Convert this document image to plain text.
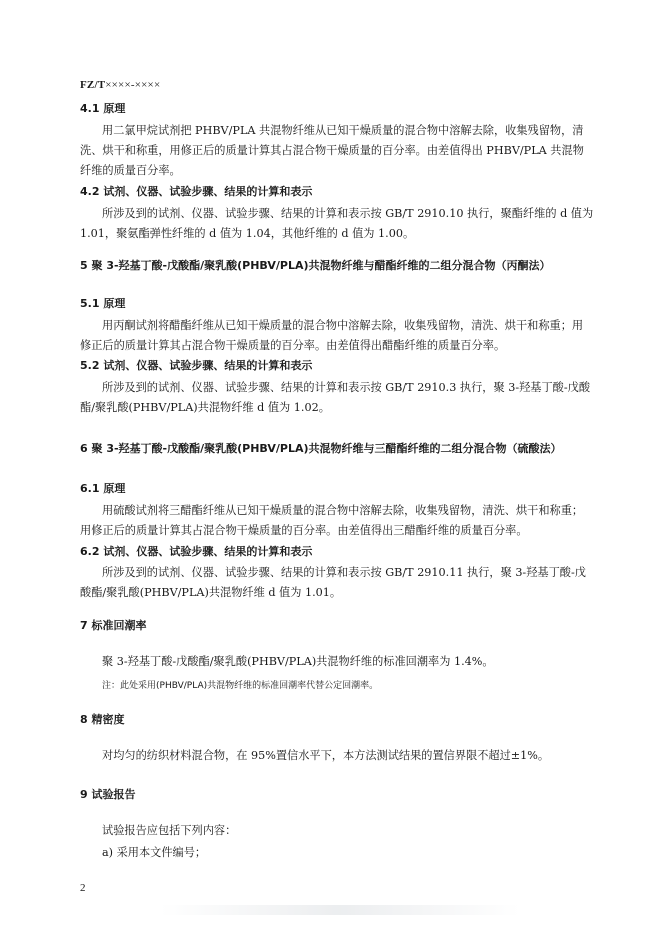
FZ/T××××-××××
4.1 原理
用二氯甲烷试剂把 PHBV/PLA 共混物纤维从已知干燥质量的混合物中溶解去除，收集残留物，清
洗、烘干和称重，用修正后的质量计算其占混合物干燥质量的百分率。由差值得出 PHBV/PLA 共混物
纤维的质量百分率。
4.2 试剂、仪器、试验步骤、结果的计算和表示
所涉及到的试剂、仪器、试验步骤、结果的计算和表示按 GB/T 2910.10 执行，聚酯纤维的 d 值为
1.01，聚氨酯弹性纤维的 d 值为 1.04，其他纤维的 d 值为 1.00。
5 聚 3-羟基丁酸-戊酸酯/聚乳酸(PHBV/PLA)共混物纤维与醋酯纤维的二组分混合物（丙酮法）
5.1 原理
用丙酮试剂将醋酯纤维从已知干燥质量的混合物中溶解去除，收集残留物，清洗、烘干和称重；用
修正后的质量计算其占混合物干燥质量的百分率。由差值得出醋酯纤维的质量百分率。
5.2 试剂、仪器、试验步骤、结果的计算和表示
所涉及到的试剂、仪器、试验步骤、结果的计算和表示按 GB/T 2910.3 执行，聚 3-羟基丁酸-戊酸
酯/聚乳酸(PHBV/PLA)共混物纤维 d 值为 1.02。
6 聚 3-羟基丁酸-戊酸酯/聚乳酸(PHBV/PLA)共混物纤维与三醋酯纤维的二组分混合物（硫酸法）
6.1 原理
用硫酸试剂将三醋酯纤维从已知干燥质量的混合物中溶解去除，收集残留物，清洗、烘干和称重；
用修正后的质量计算其占混合物干燥质量的百分率。由差值得出三醋酯纤维的质量百分率。
6.2 试剂、仪器、试验步骤、结果的计算和表示
所涉及到的试剂、仪器、试验步骤、结果的计算和表示按 GB/T 2910.11 执行，聚 3-羟基丁酸-戊
酸酯/聚乳酸(PHBV/PLA)共混物纤维 d 值为 1.01。
7 标准回潮率
聚 3-羟基丁酸-戊酸酯/聚乳酸(PHBV/PLA)共混物纤维的标准回潮率为 1.4%。
注：此处采用(PHBV/PLA)共混物纤维的标准回潮率代替公定回潮率。
8 精密度
对均匀的纺织材料混合物，在 95%置信水平下，本方法测试结果的置信界限不超过±1%。
9 试验报告
试验报告应包括下列内容：
a) 采用本文件编号；
2
